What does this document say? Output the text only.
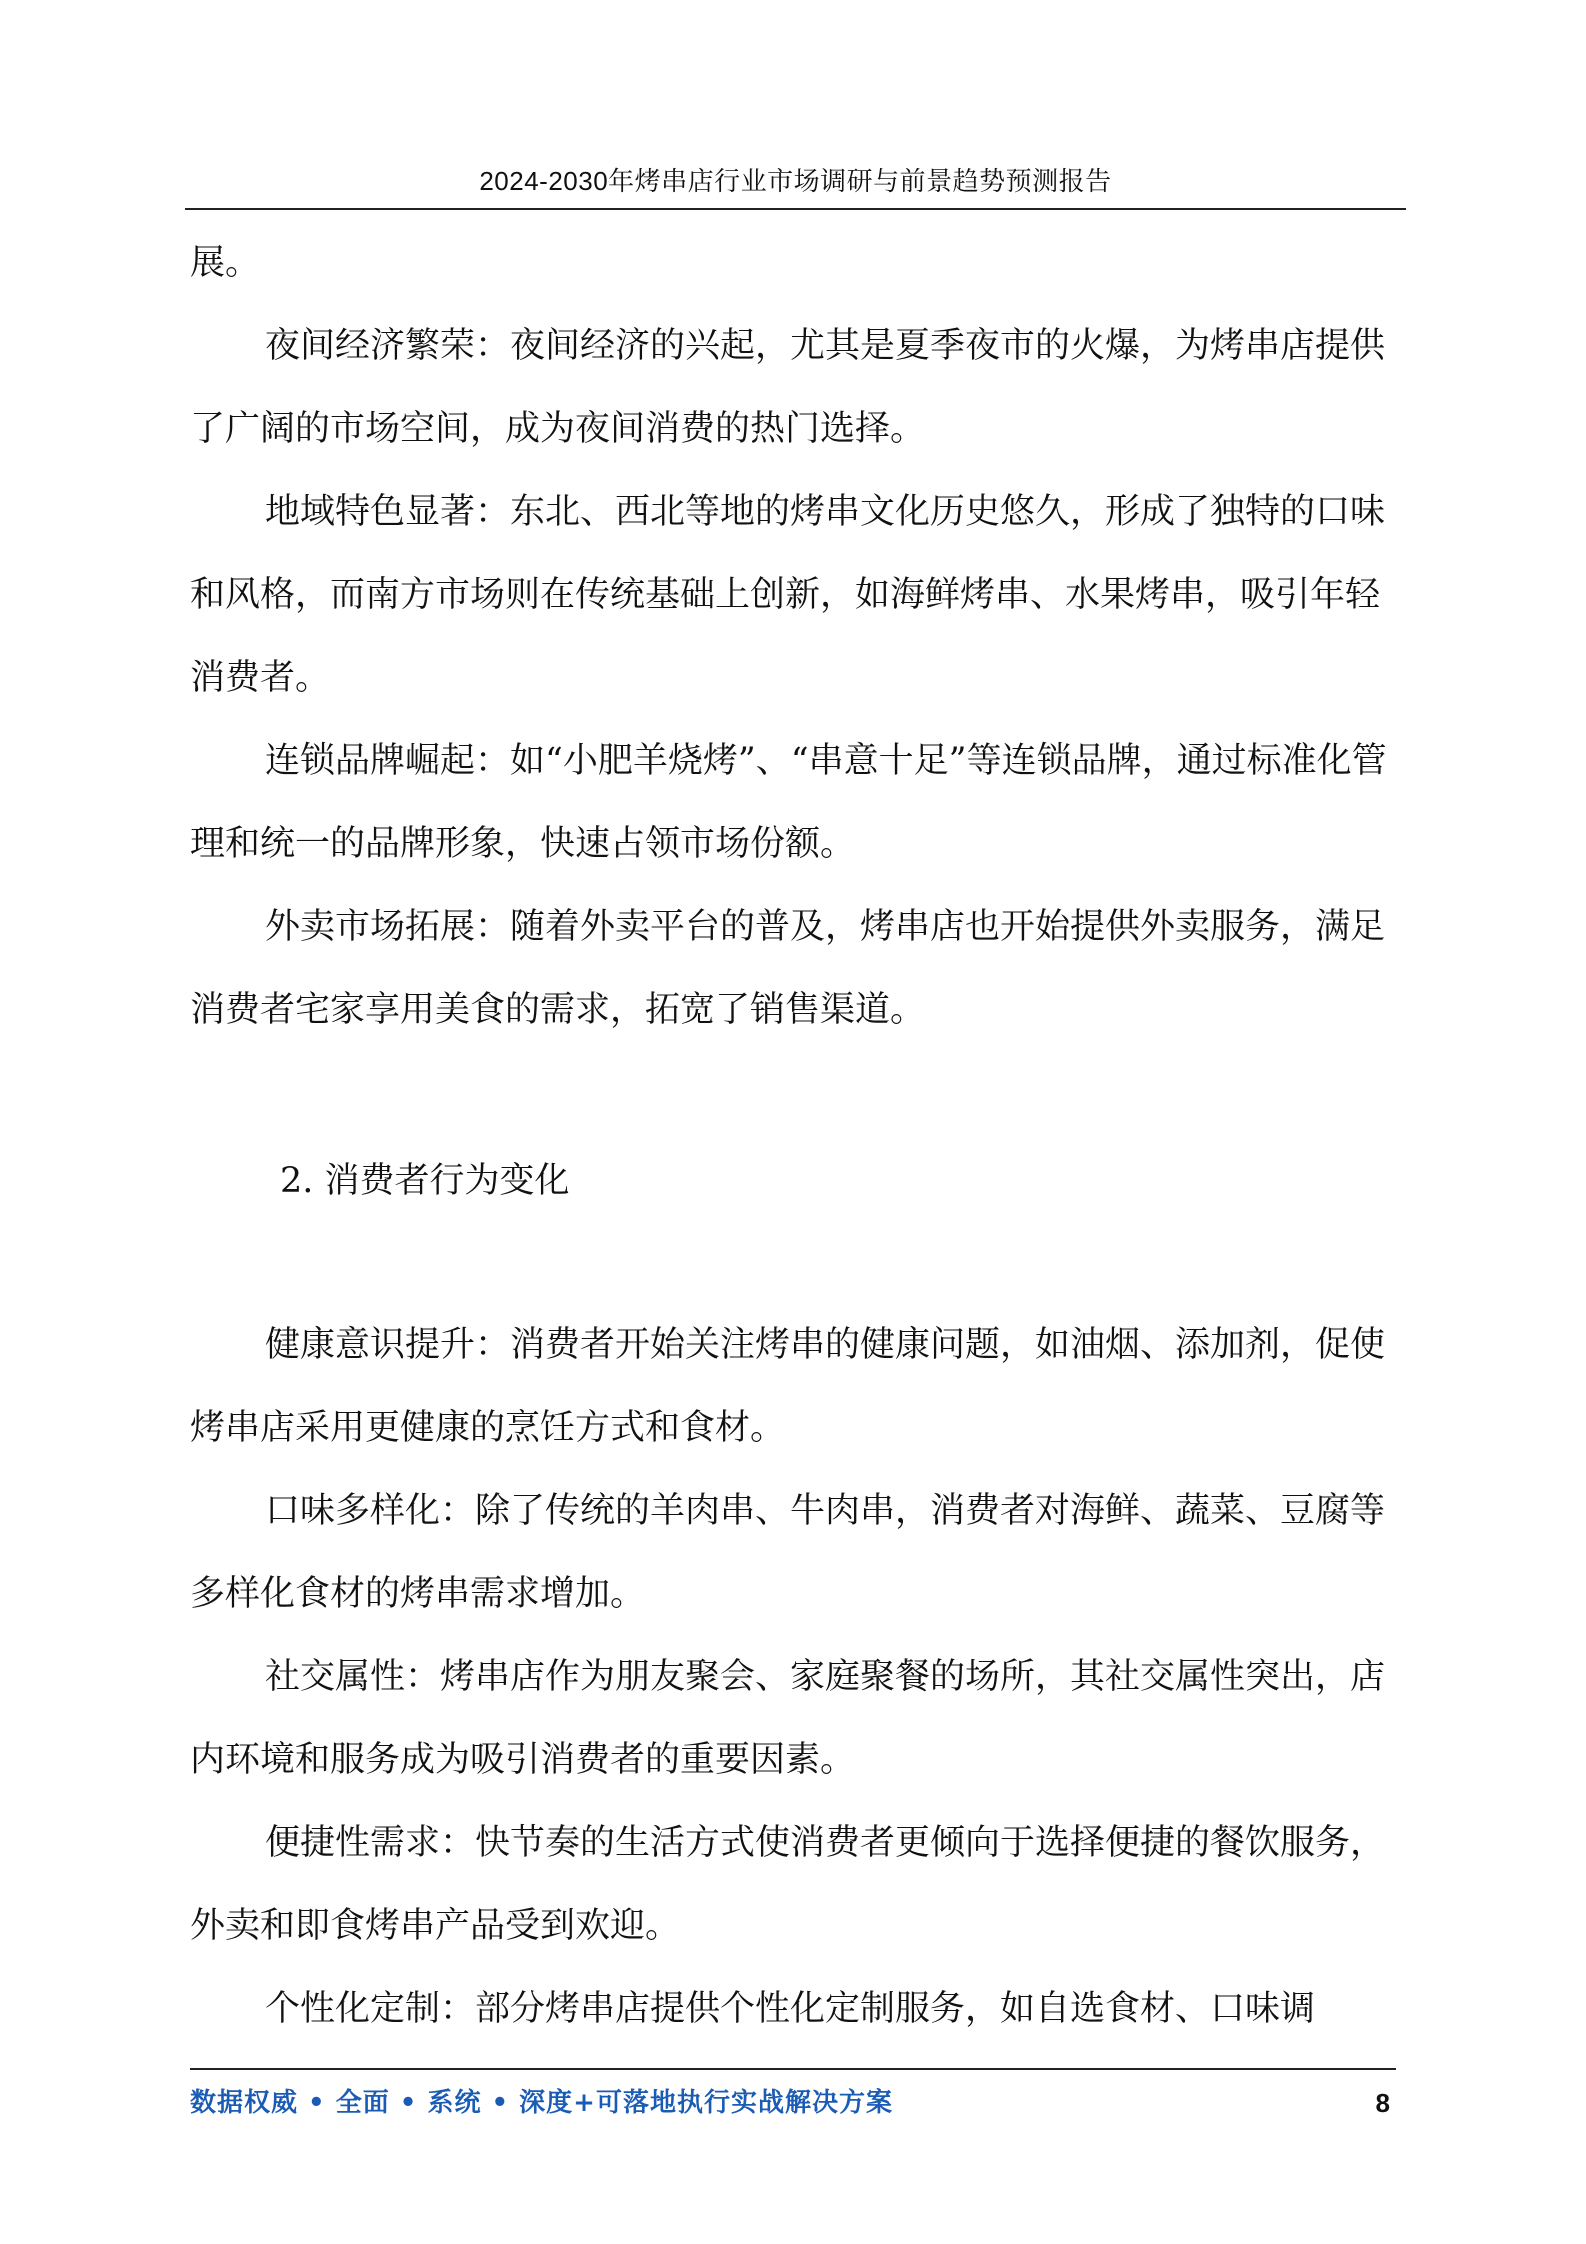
2024-2030年烤串店行业市场调研与前景趋势预测报告

展。

夜间经济繁荣：夜间经济的兴起，尤其是夏季夜市的火爆，为烤串店提供了广阔的市场空间，成为夜间消费的热门选择。

地域特色显著：东北、西北等地的烤串文化历史悠久，形成了独特的口味和风格，而南方市场则在传统基础上创新，如海鲜烤串、水果烤串，吸引年轻消费者。

连锁品牌崛起：如“小肥羊烧烤”、“串意十足”等连锁品牌，通过标准化管理和统一的品牌形象，快速占领市场份额。

外卖市场拓展：随着外卖平台的普及，烤串店也开始提供外卖服务，满足消费者宅家享用美食的需求，拓宽了销售渠道。

2. 消费者行为变化

健康意识提升：消费者开始关注烤串的健康问题，如油烟、添加剂，促使烤串店采用更健康的烹饪方式和食材。

口味多样化：除了传统的羊肉串、牛肉串，消费者对海鲜、蔬菜、豆腐等多样化食材的烤串需求增加。

社交属性：烤串店作为朋友聚会、家庭聚餐的场所，其社交属性突出，店内环境和服务成为吸引消费者的重要因素。

便捷性需求：快节奏的生活方式使消费者更倾向于选择便捷的餐饮服务，外卖和即食烤串产品受到欢迎。

个性化定制：部分烤串店提供个性化定制服务，如自选食材、口味调

数据权威 • 全面 • 系统 • 深度+可落地执行实战解决方案	8
